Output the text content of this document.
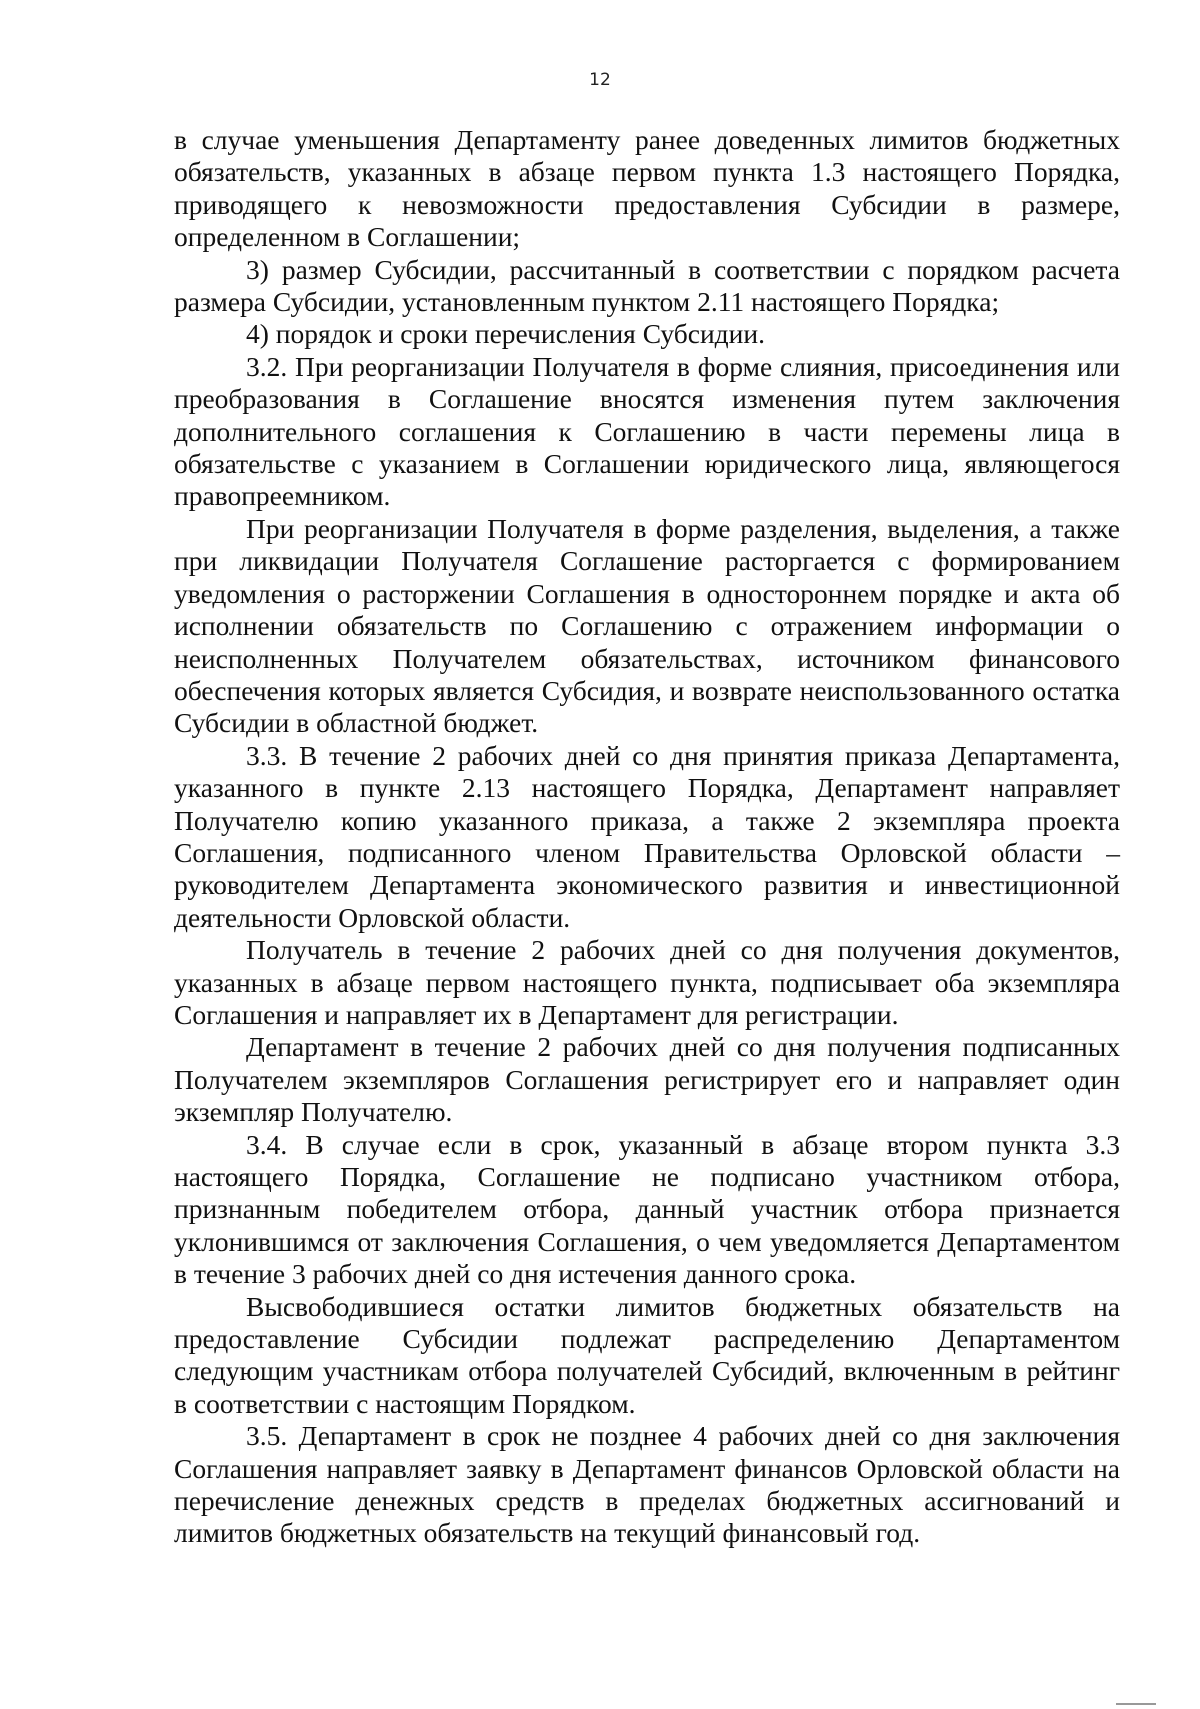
12

в случае уменьшения Департаменту ранее доведенных лимитов бюджетных обязательств, указанных в абзаце первом пункта 1.3 настоящего Порядка, приводящего к невозможности предоставления Субсидии в размере, определенном в Соглашении;

3) размер Субсидии, рассчитанный в соответствии с порядком расчета размера Субсидии, установленным пунктом 2.11 настоящего Порядка;

4) порядок и сроки перечисления Субсидии.

3.2. При реорганизации Получателя в форме слияния, присоединения или преобразования в Соглашение вносятся изменения путем заключения дополнительного соглашения к Соглашению в части перемены лица в обязательстве с указанием в Соглашении юридического лица, являющегося правопреемником.

При реорганизации Получателя в форме разделения, выделения, а также при ликвидации Получателя Соглашение расторгается с формированием уведомления о расторжении Соглашения в одностороннем порядке и акта об исполнении обязательств по Соглашению с отражением информации о неисполненных Получателем обязательствах, источником финансового обеспечения которых является Субсидия, и возврате неиспользованного остатка Субсидии в областной бюджет.

3.3. В течение 2 рабочих дней со дня принятия приказа Департамента, указанного в пункте 2.13 настоящего Порядка, Департамент направляет Получателю копию указанного приказа, а также 2 экземпляра проекта Соглашения, подписанного членом Правительства Орловской области – руководителем Департамента экономического развития и инвестиционной деятельности Орловской области.

Получатель в течение 2 рабочих дней со дня получения документов, указанных в абзаце первом настоящего пункта, подписывает оба экземпляра Соглашения и направляет их в Департамент для регистрации.

Департамент в течение 2 рабочих дней со дня получения подписанных Получателем экземпляров Соглашения регистрирует его и направляет один экземпляр Получателю.

3.4. В случае если в срок, указанный в абзаце втором пункта 3.3 настоящего Порядка, Соглашение не подписано участником отбора, признанным победителем отбора, данный участник отбора признается уклонившимся от заключения Соглашения, о чем уведомляется Департаментом в течение 3 рабочих дней со дня истечения данного срока.

Высвободившиеся остатки лимитов бюджетных обязательств на предоставление Субсидии подлежат распределению Департаментом следующим участникам отбора получателей Субсидий, включенным в рейтинг в соответствии с настоящим Порядком.

3.5. Департамент в срок не позднее 4 рабочих дней со дня заключения Соглашения направляет заявку в Департамент финансов Орловской области на перечисление денежных средств в пределах бюджетных ассигнований и лимитов бюджетных обязательств на текущий финансовый год.
